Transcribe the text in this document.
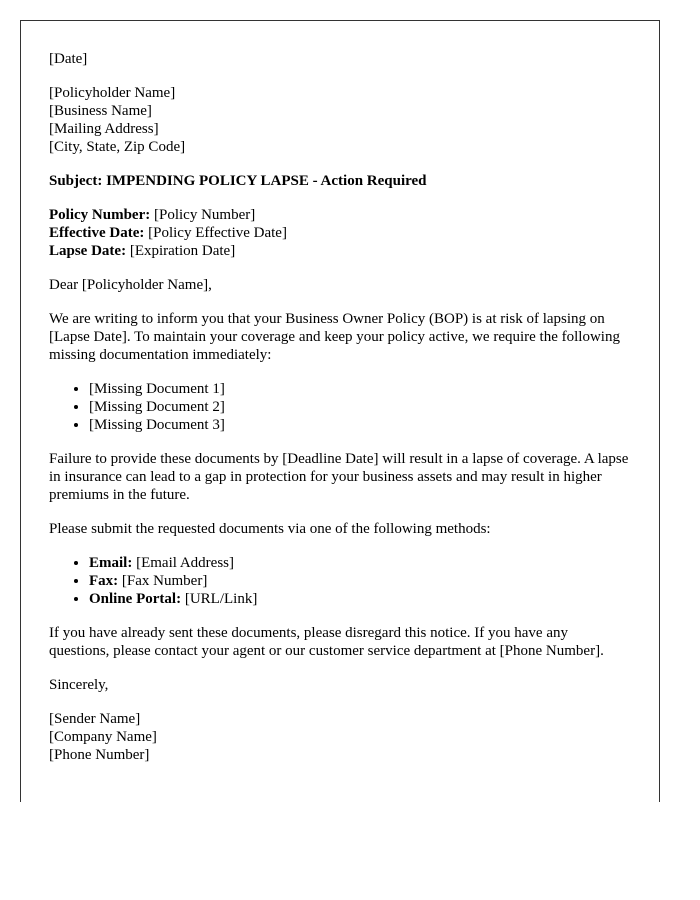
[Date]
[Policyholder Name]
[Business Name]
[Mailing Address]
[City, State, Zip Code]
Subject: IMPENDING POLICY LAPSE - Action Required
Policy Number: [Policy Number]
Effective Date: [Policy Effective Date]
Lapse Date: [Expiration Date]

Dear [Policyholder Name],

We are writing to inform you that your Business Owner Policy (BOP) is at risk of lapsing on [Lapse Date]. To maintain your coverage and keep your policy active, we require the following missing documentation immediately:

• [Missing Document 1]
• [Missing Document 2]
• [Missing Document 3]

Failure to provide these documents by [Deadline Date] will result in a lapse of coverage. A lapse in insurance can lead to a gap in protection for your business assets and may result in higher premiums in the future.

Please submit the requested documents via one of the following methods:

• Email: [Email Address]
• Fax: [Fax Number]
• Online Portal: [URL/Link]

If you have already sent these documents, please disregard this notice. If you have any questions, please contact your agent or our customer service department at [Phone Number].

Sincerely,

[Sender Name]
[Company Name]
[Phone Number]
